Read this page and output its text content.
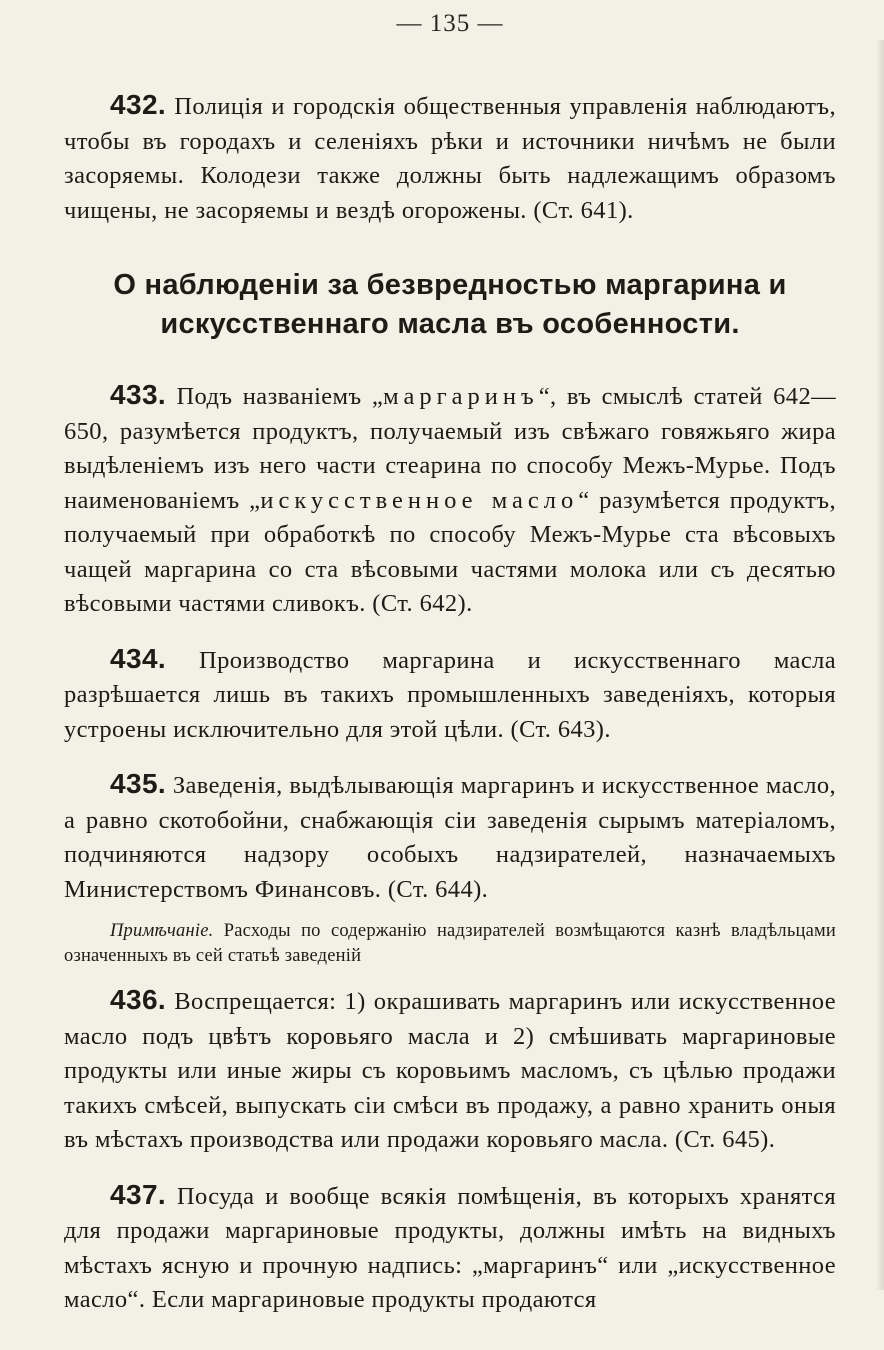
— 135 —

432. Полицiя и городскiя общественныя управленiя наблюдаютъ, чтобы въ городахъ и селенiяхъ рѣки и источники ничѣмъ не были засоряемы. Колодези также должны быть надлежащимъ образомъ чищены, не засоряемы и вездѣ огорожены. (Ст. 641).

О наблюденiи за безвредностью маргарина и искусственнаго масла въ особенности.

433. Подъ названiемъ „маргаринъ“, въ смыслѣ статей 642—650, разумѣется продуктъ, получаемый изъ свѣжаго говяжьяго жира выдѣленiемъ изъ него части стеарина по способу Межъ-Мурье. Подъ наименованiемъ „искусственное масло“ разумѣется продуктъ, получаемый при обработкѣ по способу Межъ-Мурье ста вѣсовыхъ чащей маргарина со ста вѣсовыми частями молока или съ десятью вѣсовыми частями сливокъ. (Ст. 642).

434. Производство маргарина и искусственнаго масла разрѣшается лишь въ такихъ промышленныхъ заведенiяхъ, которыя устроены исключительно для этой цѣли. (Ст. 643).

435. Заведенiя, выдѣлывающiя маргаринъ и искусственное масло, а равно скотобойни, снабжающiя сiи заведенiя сырымъ матерiаломъ, подчиняются надзору особыхъ надзирателей, назначаемыхъ Министерствомъ Финансовъ. (Ст. 644).

Примѣчанiе. Расходы по содержанiю надзирателей возмѣщаются казнѣ владѣльцами означенныхъ въ сей статьѣ заведенiй

436. Воспрещается: 1) окрашивать маргаринъ или искусственное масло подъ цвѣтъ коровьяго масла и 2) смѣшивать маргариновые продукты или иные жиры съ коровьимъ масломъ, съ цѣлью продажи такихъ смѣсей, выпускать сiи смѣси въ продажу, а равно хранить оныя въ мѣстахъ производства или продажи коровьяго масла. (Ст. 645).

437. Посуда и вообще всякiя помѣщенiя, въ которыхъ хранятся для продажи маргариновые продукты, должны имѣть на видныхъ мѣстахъ ясную и прочную надпись: „маргаринъ“ или „искусственное масло“. Если маргариновые продукты продаются
